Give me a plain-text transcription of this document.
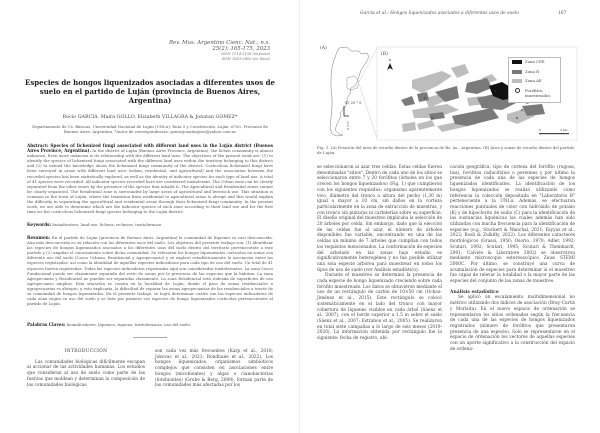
Rev. Mus. Argentino Cienc. Nat., n.s.
25(2): 165-175, 2023
ISSN 1514-5158 (impresa)
ISSN 1853-0400 (en línea)
Especies de hongos liquenizados asociadas a diferentes usos de suelo en el partido de Luján (provincia de Buenos Aires, Argentina)
Rocío GARCÍA, Maira GOLLO, Elizabeth VILLAGRA & Jonatan GOMEZ*
Departamento de Cs. Básicas, Universidad Nacional de Luján (UNLu), Ruta 5 y Constitución, Luján, 6700, Provincia de Buenos Aires, Argentina. *Autor de correspondencia: gomezjonatanjose@yahoo.com.ar
Abstract: Species of lichenized fungi associated with different land uses in the Luján district (Buenos Aires Province, Argentina). In the district of Luján (Buenos Aires Province, Argentina), the lichen community is almost unknown. Even more unknown is its relationship with the different land uses. The objectives of the present work are: (1) to identify the species of lichenized fungi associated with the different land uses within the territory belonging to this district and (2) to extend the knowledge about the lichenized fungi community of the district. Corticolous lichenized fungi have been surveyed in areas with different land uses (urban, residential, and agricultural) and the association between the recorded species has been statistically explored, as well as the identity of indicator species for each type of land use. A total of 41 species were recorded. All indicator species recorded here are considered toxitolerant. The Urban zone can be clearly separated from the other zones by the presence of the species that inhabit it. The Agricultural and Residential zones cannot be clearly separated. The Residential zone is surrounded by large areas of agricultural and livestock use. This situation is common in the town of Luján, where the transition from residential to agricultural areas is abrupt and this would explain the difficulty in separating the agricultural and residential areas through their lichenized fungi community. In the present work, we are able to determine which are the indicator species of each zone according to their land use and for the first time we list corticolous lichenized fungi species belonging to the Luján district.
Keywords: bioindicators, land use, lichens, richness, toxitolerance.
Resumen: En el partido de Luján (provincia de Buenos Aires, Argentina) la comunidad de líquenes es casi desconocida. Aún más desconocida es su relación con los diferentes usos del suelo. Los objetivos del presente trabajo son: (1) identificar las especies de hongos liquenizados asociados a los diferentes usos del suelo dentro del territorio perteneciente a este partido y (2) ampliar el conocimiento sobre dicha comunidad. Se relevaron los hongos liquenizados corticolas en zonas con diferente uso del suelo (Casco Urbano, Residencial y Agropecuario) y se exploró estadísticamente la asociación entre las especies registradas, así como la identidad de aquellas especies indicadoras para cada tipo de uso del suelo. Un total de 41 especies fueron registradas. Todas las especies indicadoras registradas aquí son consideradas toxitolerantes. La zona Casco Fundacional puede ser claramente separada del resto de zonas por la presencia de las especies que la habitan. La zona Agropecuaria y Residencial no pueden ser separadas claramente. La zona Residencial está rodeada de superficies de uso Agropecuario amplias. Esta situación es común en la localidad de Luján, donde el paso de zonas residenciales a agropecuarias es abrupto, y esto explicaría, la dificultad de separar las zonas agropecuarias de las residenciales a través de su comunidad de hongos liquenizados. En el presente trabajo, se logró determinar cuáles son las especies indicadoras de cada zona según su uso del suelo y se lista por primera vez especies de hongo liquenizados corticolas pertenecientes al partido de Luján.
Palabras Claves: bioindicadores, líquenes, riqueza, toxitolerancia, uso del suelo.
INTRODUCCIÓN
Las comunidades biológicas difícilmente escapan al accionar de las actividades humanas. Los estudios que consideran al uso de suelo como parte de las fuerzas que moldean y determinan la composición de las comunidades biológicas
son cada vez más frecuentes (Karp et al., 2018; Jokovac et al., 2021; Rondhane et al., 2022). Los hongos liquenizados, organismos simbióticos complejos que consisten en asociaciones entre hongos (micobiontes) y algas o cianobacterias (fotobiontes) (Grube & Berg, 2009), forman parte de las comunidades más afectadas por los
García et al.: Hongos liquenizados asociados a diferentes usos de suelo	167
(A)
-47,25 ° S
0 3,3°
(B)
N
0	3 km
Zona CFE
Zona R
Zona AE
Forófitos muestreados
Fig. 1. (A) Posición del área de estudio dentro de la provincia de Bs. As., Argentina. (B) Área y zonas de estudio dentro del partido de Luján.
se seleccionaron al azar tres celdas. Estas celdas fueron denominadas "sitios". Dentro de cada uno de los sitios se seleccionaron entre 7 y 20 forófitos (árboles en los que crecen los hongos liquenizados) (Fig. 1) que cumplieron con los siguientes requisitos: organismo aparentemente vivo, diámetro del tronco a altura del pecho (1,30 m) igual o mayor a 10 cm, sin daños en la corteza particularmente en la zona de extracción de muestras, y con tronco sin pinturas ni cartelerías sobre su superficie. El diseño original del muestreo implicaba la selección de 20 árboles por celda. Sin embargo, dado que la elección de las celdas fue al azar, el número de árboles disponibles fue variable, encontrando en una de las celdas un mínimo de 7 árboles que cumplían con todos los requisitos mencionados. La conformación de especies del arbolado en las zonas bajo estudio es significativamente heterogénea y no fue posible utilizar una sola especie arbórea para muestrear en todos los tipos de uso de suelo (ver Análisis estadístico).
Durante el muestreo se determinó la presencia de cada especie de hongo liquenizado creciendo sobre cada forófito muestreado. Los datos se obtuvieron mediante el uso de un rectángulo de cartón de 10×50 cm (Ochoa-Jiménez et al., 2015). Este rectángulo se colocó sistemáticamente en el lado del tronco con mayor cobertura de líquenes visibles en cada árbol (Sáenz et al., 2007), con el borde superior a 1,5 m sobre el suelo (Sáenz et al., 2007; Estrabou et al., 2005). Se realizaron en total siete campañas a lo largo de seis meses (2019-2020). La información obtenida por rectángulo fue la siguiente: fecha de registro, ubi-
cación geográfica, tipo de corteza del forófito (rugosa, lisa), forófitos caducifolios o perennes y por último la presencia de cada una de las especies de hongos liquenizados identificados. La identificación de los hongos liquenizados se realizó utilizando como referencia la colección depositada en "Laboratorio B" perteneciente a la UNLu. Además, se efectuaron reacciones puntuales de color con hidróxido de potasio (K) y de hipoclorito de sodio (C) para la identificación de las sustancias liquénicas las cuales además han sido utilizadas con mucha frecuencia para la identificación de especies (e.g., Stuckert & Wanchal, 2021; Fayyaz et al., 2022; Rosli & Zulkifly, 2022). Los diferentes caracteres morfológicos (Grassi, 1950; Osorio, 1970; Adler, 1992; Scutari, 1992; Scutari, 1995; Scutari & Theinhardt, 2001; Calvelo & Liberatore 2002) se observaron mediante microscopio estereoscópico Zeiss STEMI 2000C. Por último, se construyó una curva de acumulación de especies para determinar si el muestreo fue capaz de relevar la totalidad o la mayor parte de las especies del conjunto de las zonas de muestreo.
Análisis estadístico
Se aplicó un escalamiento multidimensional no métrico utilizando dos índices de asociación (Bray-Curtis y Morisita). En el nuevo espacio de ordenación se representaron los sitios ordenados según la frecuencia de cada una de las especies de hongos liquenizados registrados (número de forófitos que presentaron presencia de una especie). Solo se representaron en el espacio de ordenación los vectores de aquellas especies con un aporte significativo a la construcción del espacio de ordena-
